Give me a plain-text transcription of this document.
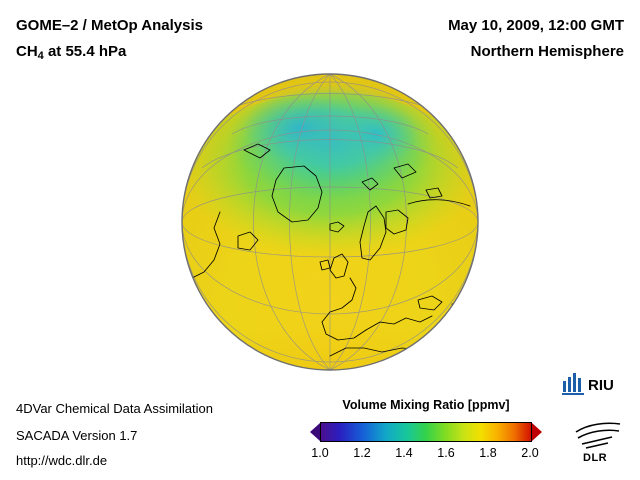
GOME–2 / MetOp Analysis
$CH_4$ at 55.4 hPa
May 10, 2009, 12:00 GMT
Northern Hemisphere
4DVar Chemical Data Assimilation
SACADA Version 1.7
http://wdc.dlr.de
Volume Mixing Ratio [ppmv]
1.0 1.2 1.4 1.6 1.8 2.0
RIU
DLR
